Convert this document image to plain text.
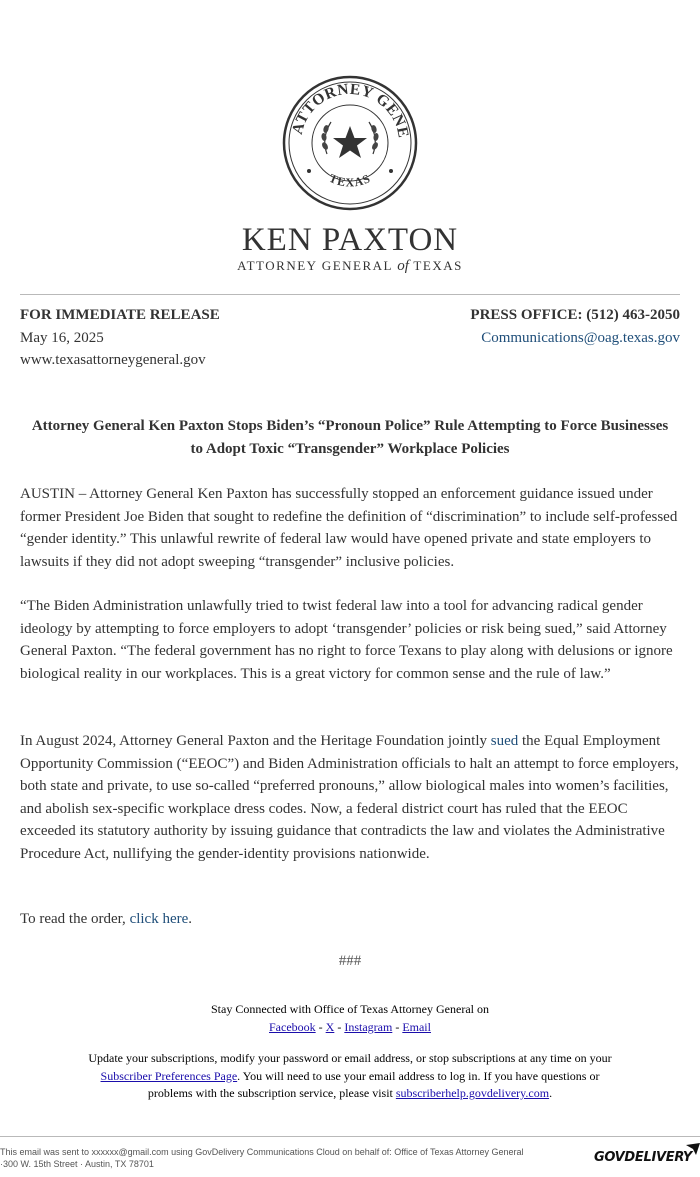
ATTORNEY GENE
TEXAS
KEN PAXTON
ATTORNEY GENERAL of TEXAS
FOR IMMEDIATE RELEASE
May 16, 2025
www.texasattorneygeneral.gov
PRESS OFFICE: (512) 463-2050
Communications@oag.texas.gov
Attorney General Ken Paxton Stops Biden’s “Pronoun Police” Rule Attempting to Force Businesses to Adopt Toxic “Transgender” Workplace Policies
AUSTIN – Attorney General Ken Paxton has successfully stopped an enforcement guidance issued under former President Joe Biden that sought to redefine the definition of “discrimination” to include self-professed “gender identity.” This unlawful rewrite of federal law would have opened private and state employers to lawsuits if they did not adopt sweeping “transgender” inclusive policies.
“The Biden Administration unlawfully tried to twist federal law into a tool for advancing radical gender ideology by attempting to force employers to adopt ‘transgender’ policies or risk being sued,” said Attorney General Paxton. “The federal government has no right to force Texans to play along with delusions or ignore biological reality in our workplaces. This is a great victory for common sense and the rule of law.”
In August 2024, Attorney General Paxton and the Heritage Foundation jointly sued the Equal Employment Opportunity Commission (“EEOC”) and Biden Administration officials to halt an attempt to force employers, both state and private, to use so-called “preferred pronouns,” allow biological males into women’s facilities, and abolish sex-specific workplace dress codes. Now, a federal district court has ruled that the EEOC exceeded its statutory authority by issuing guidance that contradicts the law and violates the Administrative Procedure Act, nullifying the gender-identity provisions nationwide.
To read the order, click here.
###
Stay Connected with Office of Texas Attorney General on
Facebook - X - Instagram - Email
Update your subscriptions, modify your password or email address, or stop subscriptions at any time on your
Subscriber Preferences Page. You will need to use your email address to log in. If you have questions or
problems with the subscription service, please visit subscriberhelp.govdelivery.com.
This email was sent to xxxxxx@gmail.com using GovDelivery Communications Cloud on behalf of: Office of Texas Attorney General
·300 W. 15th Street · Austin, TX 78701	GOVDELIVERY
